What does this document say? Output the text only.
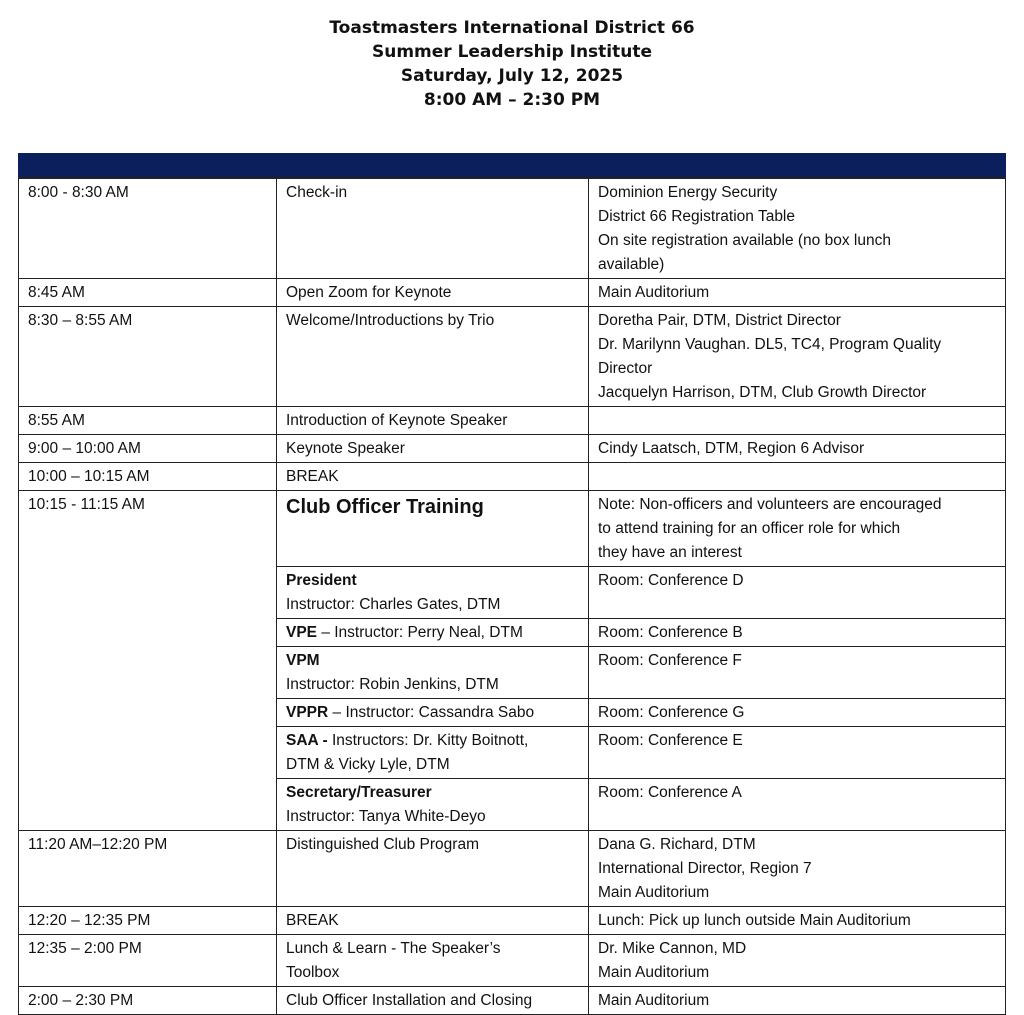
Toastmasters International District 66
Summer Leadership Institute
Saturday, July 12, 2025
8:00 AM – 2:30 PM

8:00 - 8:30 AM	Check-in	Dominion Energy Security
District 66 Registration Table
On site registration available (no box lunch
available)

8:45 AM	Open Zoom for Keynote	Main Auditorium
8:30 – 8:55 AM	Welcome/Introductions by Trio	Doretha Pair, DTM, District Director
Dr. Marilynn Vaughan. DL5, TC4, Program Quality
Director
Jacquelyn Harrison, DTM, Club Growth Director

8:55 AM	Introduction of Keynote Speaker	
9:00 – 10:00 AM	Keynote Speaker	Cindy Laatsch, DTM, Region 6 Advisor
10:00 – 10:15 AM	BREAK	
10:15 - 11:15 AM	Club Officer Training	Note: Non-officers and volunteers are encouraged
to attend training for an officer role for which
they have an interest

	President
Instructor: Charles Gates, DTM	Room: Conference D
	VPE – Instructor: Perry Neal, DTM	Room: Conference B

	VPM
Instructor: Robin Jenkins, DTM	Room: Conference F
	VPPR – Instructor: Cassandra Sabo	Room: Conference G
	SAA - Instructors: Dr. Kitty Boitnott,
DTM & Vicky Lyle, DTM	Room: Conference E

	Secretary/Treasurer
Instructor: Tanya White-Deyo	Room: Conference A
11:20 AM–12:20 PM	Distinguished Club Program	Dana G. Richard, DTM
International Director, Region 7
Main Auditorium

12:20 – 12:35 PM	BREAK	Lunch: Pick up lunch outside Main Auditorium
12:35 – 2:00 PM	Lunch & Learn - The Speaker’s
Toolbox	Dr. Mike Cannon, MD
Main Auditorium

2:00 – 2:30 PM	Club Officer Installation and Closing	Main Auditorium
